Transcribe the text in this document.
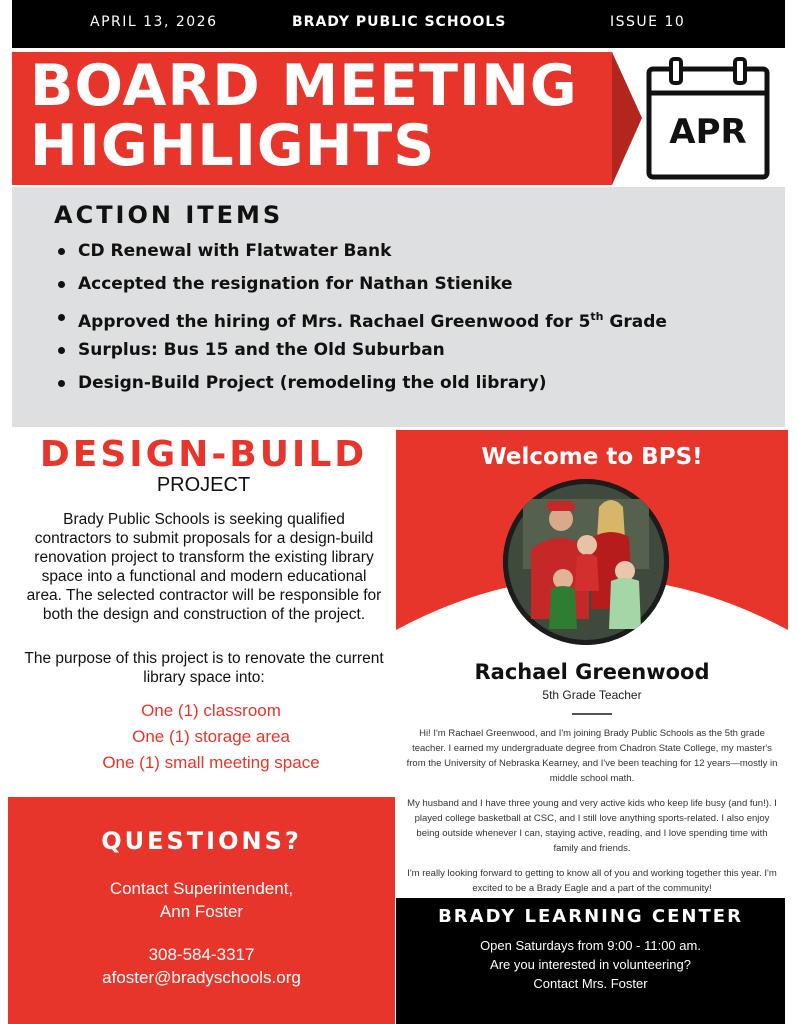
APRIL 13, 2026	BRADY PUBLIC SCHOOLS	ISSUE 10
BOARD MEETING
HIGHLIGHTS	APR
ACTION ITEMS
CD Renewal with Flatwater Bank
Accepted the resignation for Nathan Stienike
Approved the hiring of Mrs. Rachael Greenwood for 5th Grade
Surplus: Bus 15 and the Old Suburban
Design-Build Project (remodeling the old library)
DESIGN-BUILD
PROJECT

Brady Public Schools is seeking qualified contractors to submit proposals for a design-build renovation project to transform the existing library space into a functional and modern educational area. The selected contractor will be responsible for both the design and construction of the project.

The purpose of this project is to renovate the current library space into:

One (1) classroom
One (1) storage area
One (1) small meeting space
Welcome to BPS!
Rachael Greenwood
5th Grade Teacher

Hi! I'm Rachael Greenwood, and I'm joining Brady Public Schools as the 5th grade teacher. I earned my undergraduate degree from Chadron State College, my master's from the University of Nebraska Kearney, and I've been teaching for 12 years—mostly in middle school math.

My husband and I have three young and very active kids who keep life busy (and fun!). I played college basketball at CSC, and I still love anything sports-related. I also enjoy being outside whenever I can, staying active, reading, and I love spending time with family and friends.

I'm really looking forward to getting to know all of you and working together this year. I'm excited to be a Brady Eagle and a part of the community!

QUESTIONS?
Contact Superintendent,
Ann Foster
308-584-3317
afoster@bradyschools.org
BRADY LEARNING CENTER
Open Saturdays from 9:00 - 11:00 am.
Are you interested in volunteering?
Contact Mrs. Foster
